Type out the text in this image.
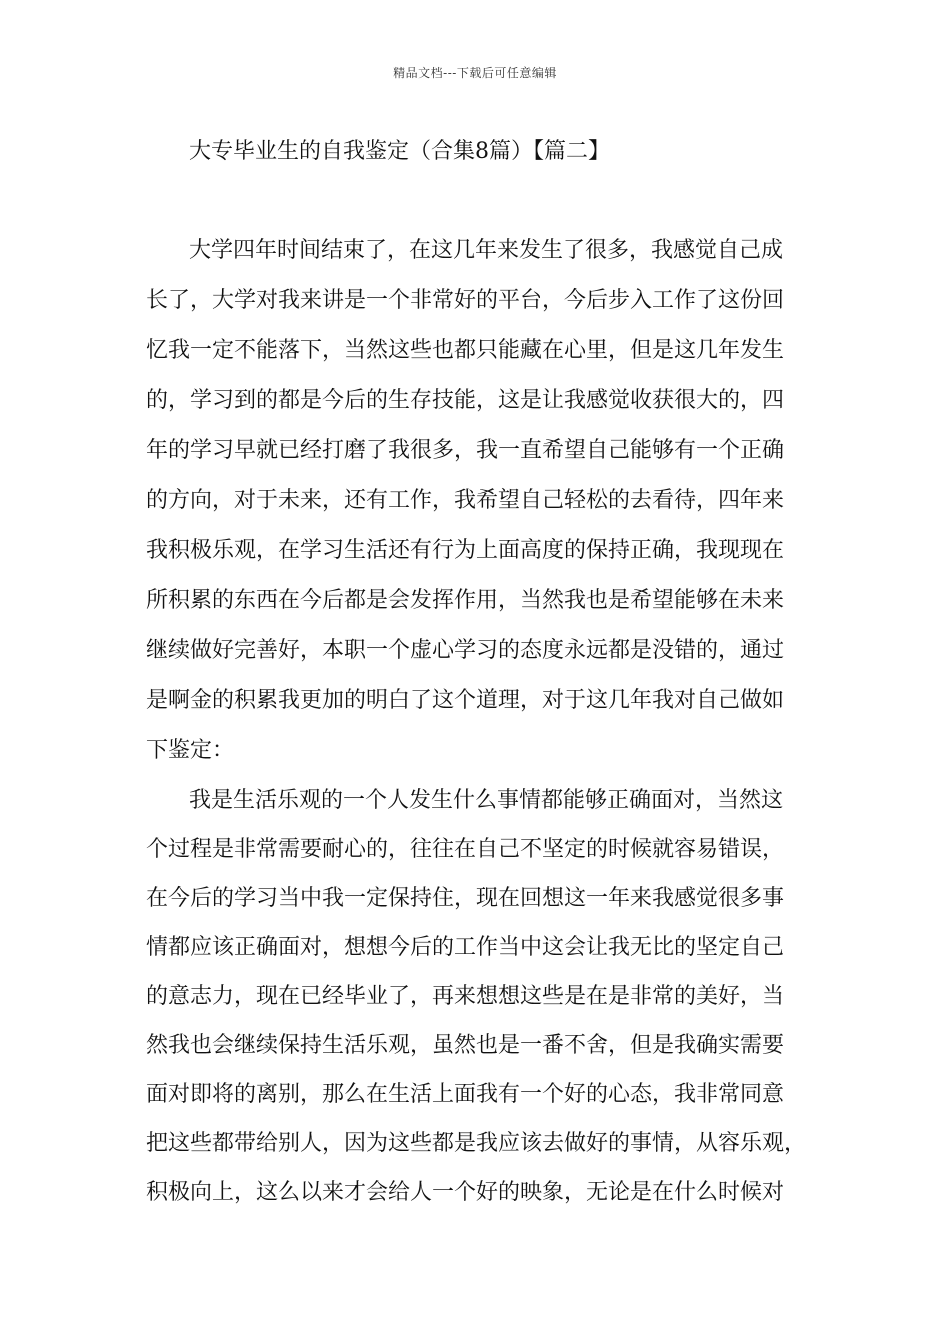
精品文档---下载后可任意编辑
大专毕业生的自我鉴定（合集8篇）【篇二】
大学四年时间结束了，在这几年来发生了很多，我感觉自己成
长了，大学对我来讲是一个非常好的平台，今后步入工作了这份回
忆我一定不能落下，当然这些也都只能藏在心里，但是这几年发生
的，学习到的都是今后的生存技能，这是让我感觉收获很大的，四
年的学习早就已经打磨了我很多，我一直希望自己能够有一个正确
的方向，对于未来，还有工作，我希望自己轻松的去看待，四年来
我积极乐观，在学习生活还有行为上面高度的保持正确，我现现在
所积累的东西在今后都是会发挥作用，当然我也是希望能够在未来
继续做好完善好，本职一个虚心学习的态度永远都是没错的，通过
是啊金的积累我更加的明白了这个道理，对于这几年我对自己做如
下鉴定：
我是生活乐观的一个人发生什么事情都能够正确面对，当然这
个过程是非常需要耐心的，往往在自己不坚定的时候就容易错误，
在今后的学习当中我一定保持住，现在回想这一年来我感觉很多事
情都应该正确面对，想想今后的工作当中这会让我无比的坚定自己
的意志力，现在已经毕业了，再来想想这些是在是非常的美好，当
然我也会继续保持生活乐观，虽然也是一番不舍，但是我确实需要
面对即将的离别，那么在生活上面我有一个好的心态，我非常同意
把这些都带给别人，因为这些都是我应该去做好的事情，从容乐观，
积极向上，这么以来才会给人一个好的映象，无论是在什么时候对
